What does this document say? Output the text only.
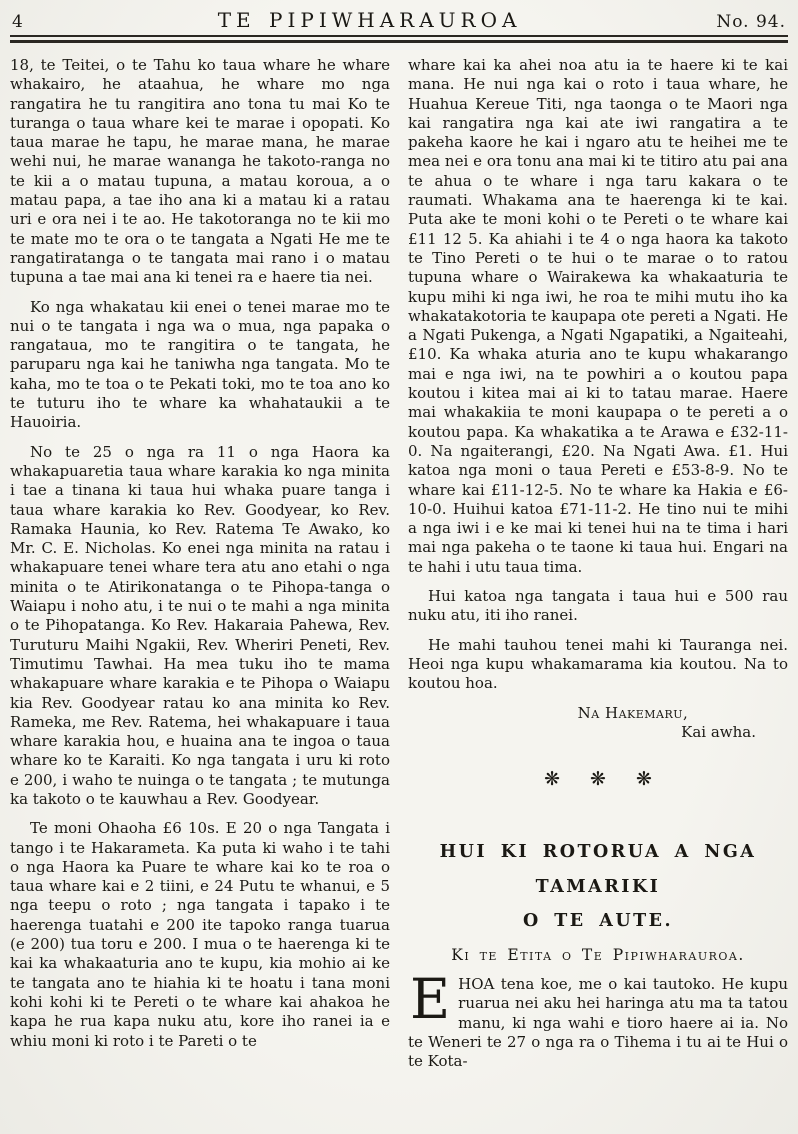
4	TE PIPIWHARAUROA	No. 94.

18, te Teitei, o te Tahu ko taua whare he whare whakairo, he ataahua, he whare mo nga rangatira he tu rangitira ano tona tu mai Ko te turanga o taua whare kei te marae i opopati. Ko taua marae he tapu, he marae mana, he marae wehi nui, he marae wananga he takoto-ranga no te kii a o matau tupuna, a matau koroua, a o matau papa, a tae iho ana ki a matau ki a ratau uri e ora nei i te ao. He takotoranga no te kii mo te mate mo te ora o te tangata a Ngati He me te rangatiratanga o te tangata mai rano i o matau tupuna a tae mai ana ki tenei ra e haere tia nei.

Ko nga whakatau kii enei o tenei marae mo te nui o te tangata i nga wa o mua, nga papaka o rangataua, mo te rangitira o te tangata, he paruparu nga kai he taniwha nga tangata. Mo te kaha, mo te toa o te Pekati toki, mo te toa ano ko te tuturu iho te whare ka whahataukii a te Hauoiria.

No te 25 o nga ra 11 o nga Haora ka whakapuaretia taua whare karakia ko nga minita i tae a tinana ki taua hui whaka puare tanga i taua whare karakia ko Rev. Goodyear, ko Rev. Ramaka Haunia, ko Rev. Ratema Te Awako, ko Mr. C. E. Nicholas. Ko enei nga minita na ratau i whakapuare tenei whare tera atu ano etahi o nga minita o te Atirikonatanga o te Pihopa-tanga o Waiapu i noho atu, i te nui o te mahi a nga minita o te Pihopatanga. Ko Rev. Hakaraia Pahewa, Rev. Turuturu Maihi Ngakii, Rev. Wheriri Peneti, Rev. Timutimu Tawhai. Ha mea tuku iho te mama whakapuare whare karakia e te Pihopa o Waiapu kia Rev. Goodyear ratau ko ana minita ko Rev. Rameka, me Rev. Ratema, hei whakapuare i taua whare karakia hou, e huaina ana te ingoa o taua whare ko te Karaiti. Ko nga tangata i uru ki roto e 200, i waho te nuinga o te tangata ; te mutunga ka takoto o te kauwhau a Rev. Goodyear.

Te moni Ohaoha £6 10s. E 20 o nga Tangata i tango i te Hakarameta. Ka puta ki waho i te tahi o nga Haora ka Puare te whare kai ko te roa o taua whare kai e 2 tiini, e 24 Putu te whanui, e 5 nga teepu o roto ; nga tangata i tapako i te haerenga tuatahi e 200 ite tapoko ranga tuarua (e 200) tua toru e 200. I mua o te haerenga ki te kai ka whakaaturia ano te kupu, kia mohio ai ke te tangata ano te hiahia ki te hoatu i tana moni kohi kohi ki te Pereti o te whare kai ahakoa he kapa he rua kapa nuku atu, kore iho ranei ia e whiu moni ki roto i te Pareti o te

whare kai ka ahei noa atu ia te haere ki te kai mana. He nui nga kai o roto i taua whare, he Huahua Kereue Titi, nga taonga o te Maori nga kai rangatira nga kai ate iwi rangatira a te pakeha kaore he kai i ngaro atu te heihei me te mea nei e ora tonu ana mai ki te titiro atu pai ana te ahua o te whare i nga taru kakara o te raumati. Whakama ana te haerenga ki te kai. Puta ake te moni kohi o te Pereti o te whare kai £11 12 5. Ka ahiahi i te 4 o nga haora ka takoto te Tino Pereti o te hui o te marae o to ratou tupuna whare o Wairakewa ka whakaaturia te kupu mihi ki nga iwi, he roa te mihi mutu iho ka whakatakotoria te kaupapa ote pereti a Ngati. He a Ngati Pukenga, a Ngati Ngapatiki, a Ngaiteahi, £10. Ka whaka aturia ano te kupu whakarango mai e nga iwi, na te powhiri a o koutou papa koutou i kitea mai ai ki to tatau marae. Haere mai whakakiia te moni kaupapa o te pereti a o koutou papa. Ka whakatika a te Arawa e £32-11-0. Na ngaiterangi, £20. Na Ngati Awa. £1. Hui katoa nga moni o taua Pereti e £53-8-9. No te whare kai £11-12-5. No te whare ka Hakia e £6-10-0. Huihui katoa £71-11-2. He tino nui te mihi a nga iwi i e ke mai ki tenei hui na te tima i hari mai nga pakeha o te taone ki taua hui. Engari na te hahi i utu taua tima.

Hui katoa nga tangata i taua hui e 500 rau nuku atu, iti iho ranei.

He mahi tauhou tenei mahi ki Tauranga nei. Heoi nga kupu whakamarama kia koutou. Na to koutou hoa.

Na Hakemaru,

Kai awha.

❋ ❋ ❋
HUI KI ROTORUA A NGA TAMARIKI
O TE AUTE.
Ki te Etita o Te Pipiwharauroa.

EHOA tena koe, me o kai tautoko. He kupu ruarua nei aku hei haringa atu ma ta tatou manu, ki nga wahi e tioro haere ai ia. No te Weneri te 27 o nga ra o Tihema i tu ai te Hui o te Kota-
